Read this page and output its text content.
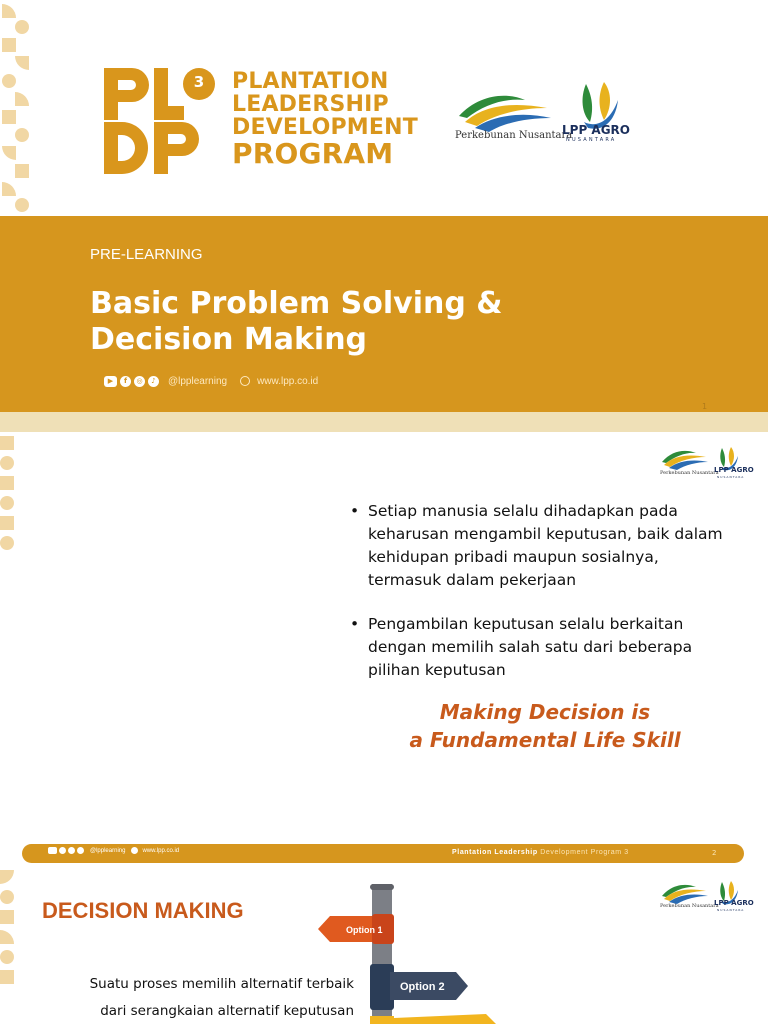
3 PLANTATION
LEADERSHIP
DEVELOPMENT
PROGRAM
Perkebunan Nusantara
LPP AGRO
NUSANTARA
PRE-LEARNING
Basic Problem Solving &
Decision Making
▶	f	◎	♪	@lpplearning	www.lpp.co.id
1
Perkebunan Nusantara
LPP AGRO
NUSANTARA
• Setiap manusia selalu dihadapkan pada keharusan mengambil keputusan, baik dalam kehidupan pribadi maupun sosialnya, termasuk dalam pekerjaan
• Pengambilan keputusan selalu berkaitan dengan memilih salah satu dari beberapa pilihan keputusan
Making Decision is
a Fundamental Life Skill
@lpplearning	www.lpp.co.id	Plantation Leadership Development Program 3	2
DECISION MAKING
Suatu proses memilih alternatif terbaik dari serangkaian alternatif keputusan
Option 1
Option 2
Perkebunan Nusantara
LPP AGRO
NUSANTARA
